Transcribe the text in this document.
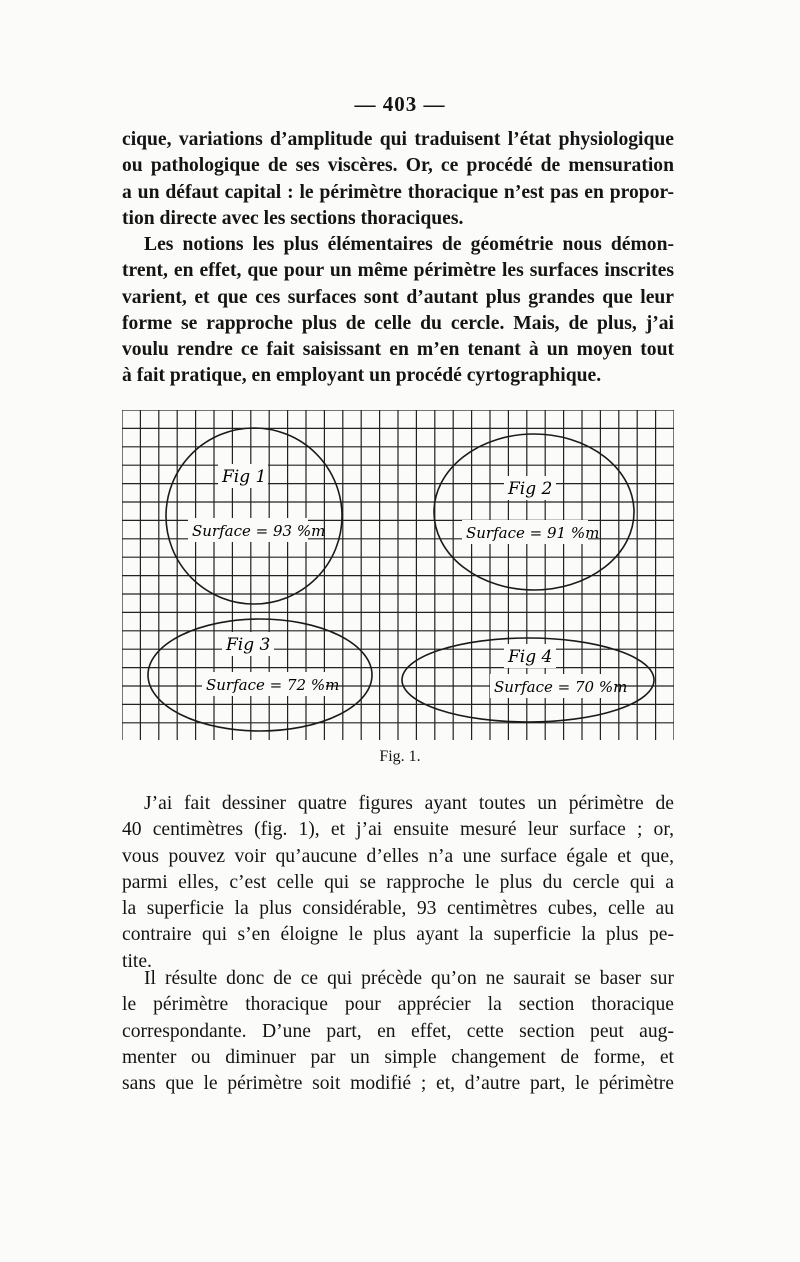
— 403 —
cique, variations d’amplitude qui traduisent l’état physiologique
ou pathologique de ses viscères. Or, ce procédé de mensuration
a un défaut capital : le périmètre thoracique n’est pas en propor-
tion directe avec les sections thoraciques.
Les notions les plus élémentaires de géométrie nous démon-
trent, en effet, que pour un même périmètre les surfaces inscrites
varient, et que ces surfaces sont d’autant plus grandes que leur
forme se rapproche plus de celle du cercle. Mais, de plus, j’ai
voulu rendre ce fait saisissant en m’en tenant à un moyen tout
à fait pratique, en employant un procédé cyrtographique.
Fig 1
Surface = 93 %m
Fig 2
Surface = 91 %m
Fig 3
Surface = 72 %m
Fig 4
Surface = 70 %m
Fig. 1.
J’ai fait dessiner quatre figures ayant toutes un périmètre de
40 centimètres (fig. 1), et j’ai ensuite mesuré leur surface ; or,
vous pouvez voir qu’aucune d’elles n’a une surface égale et que,
parmi elles, c’est celle qui se rapproche le plus du cercle qui a
la superficie la plus considérable, 93 centimètres cubes, celle au
contraire qui s’en éloigne le plus ayant la superficie la plus pe-
tite.
Il résulte donc de ce qui précède qu’on ne saurait se baser sur
le périmètre thoracique pour apprécier la section thoracique
correspondante. D’une part, en effet, cette section peut aug-
menter ou diminuer par un simple changement de forme, et
sans que le périmètre soit modifié ; et, d’autre part, le périmètre
